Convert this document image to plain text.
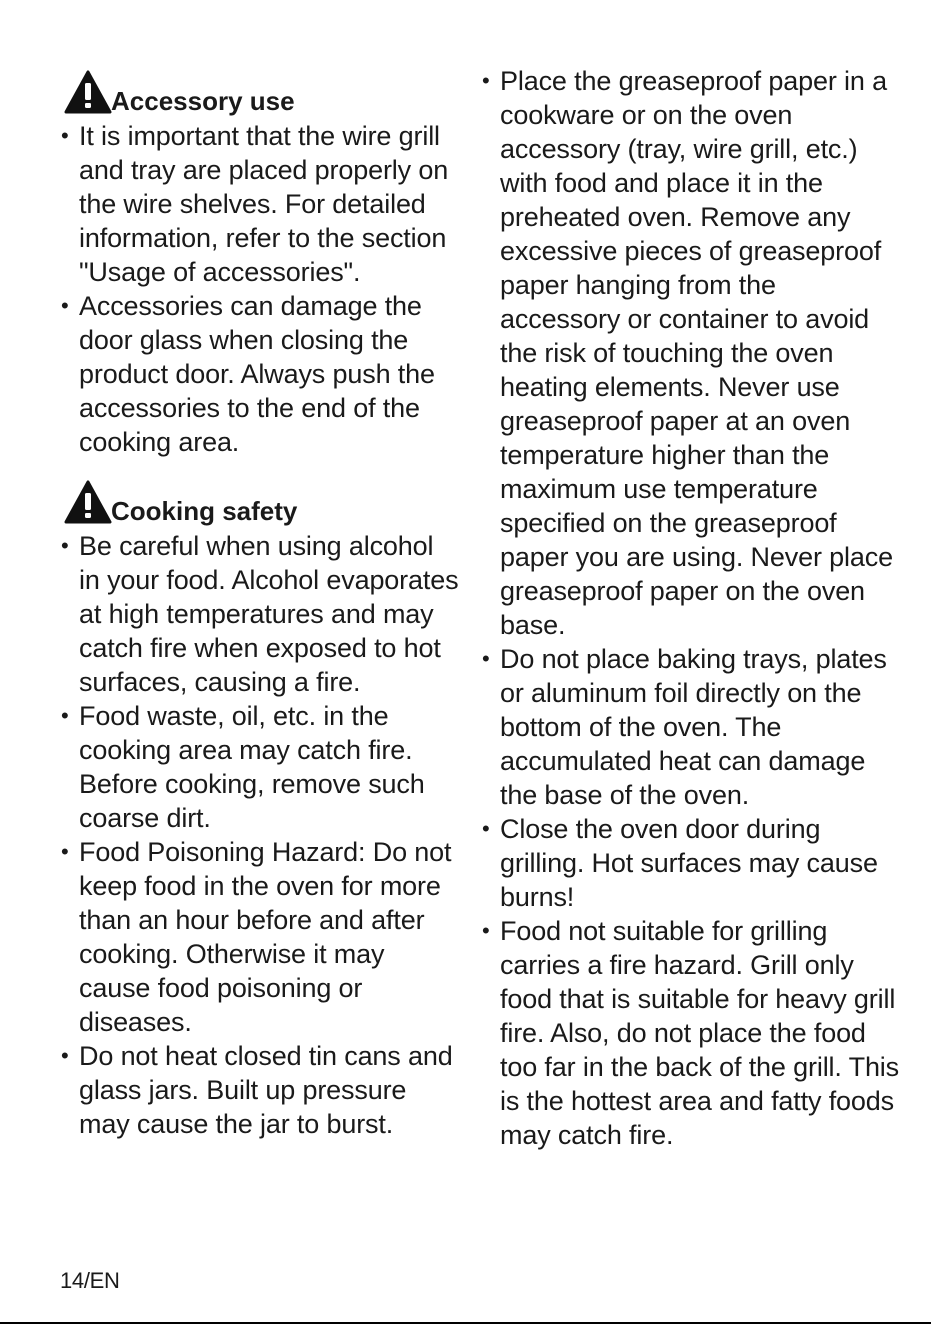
Accessory use
• It is important that the wire grill and tray are placed properly on the wire shelves. For detailed information, refer to the section "Usage of accessories".
• Accessories can damage the door glass when closing the product door. Always push the accessories to the end of the cooking area.
Cooking safety
• Be careful when using alcohol in your food. Alcohol evaporates at high temperatures and may catch fire when exposed to hot surfaces, causing a fire.
• Food waste, oil, etc. in the cooking area may catch fire. Before cooking, remove such coarse dirt.
• Food Poisoning Hazard: Do not keep food in the oven for more than an hour before and after cooking. Otherwise it may cause food poisoning or diseases.
• Do not heat closed tin cans and glass jars. Built up pressure may cause the jar to burst.
• Place the greaseproof paper in a cookware or on the oven accessory (tray, wire grill, etc.) with food and place it in the preheated oven. Remove any excessive pieces of greaseproof paper hanging from the accessory or container to avoid the risk of touching the oven heating elements. Never use greaseproof paper at an oven temperature higher than the maximum use temperature specified on the greaseproof paper you are using. Never place greaseproof paper on the oven base.
• Do not place baking trays, plates or aluminum foil directly on the bottom of the oven. The accumulated heat can damage the base of the oven.
• Close the oven door during grilling. Hot surfaces may cause burns!
• Food not suitable for grilling carries a fire hazard. Grill only food that is suitable for heavy grill fire. Also, do not place the food too far in the back of the grill. This is the hottest area and fatty foods may catch fire.
14/EN
